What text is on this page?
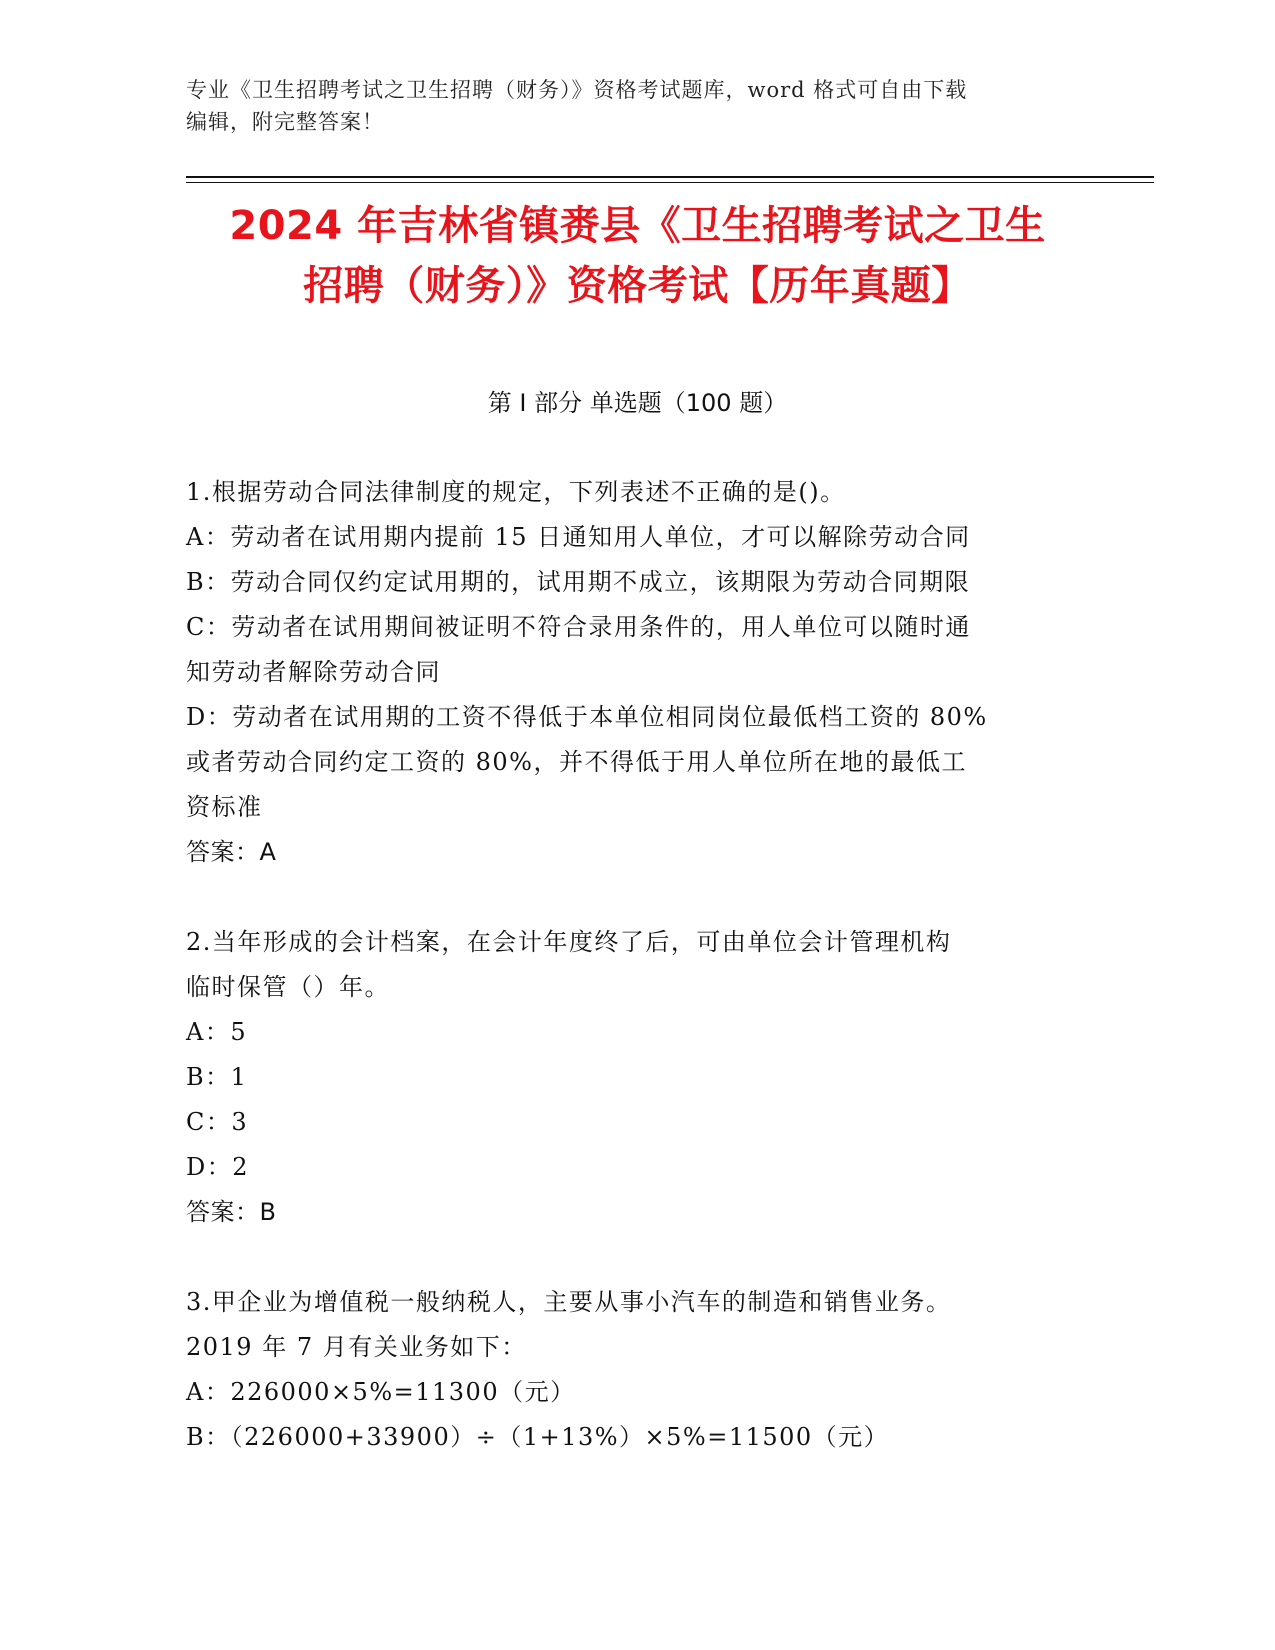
专业《卫生招聘考试之卫生招聘（财务）》资格考试题库，word 格式可自由下载
编辑，附完整答案！
2024 年吉林省镇赉县《卫生招聘考试之卫生
招聘（财务）》资格考试【历年真题】
第 I 部分 单选题（100 题）
1.根据劳动合同法律制度的规定，下列表述不正确的是()。
A：劳动者在试用期内提前 15 日通知用人单位，才可以解除劳动合同
B：劳动合同仅约定试用期的，试用期不成立，该期限为劳动合同期限
C：劳动者在试用期间被证明不符合录用条件的，用人单位可以随时通
知劳动者解除劳动合同
D：劳动者在试用期的工资不得低于本单位相同岗位最低档工资的 80%
或者劳动合同约定工资的 80%，并不得低于用人单位所在地的最低工
资标准
答案：A
2.当年形成的会计档案，在会计年度终了后，可由单位会计管理机构
临时保管（）年。
A：5
B：1
C：3
D：2
答案：B
3.甲企业为增值税一般纳税人，主要从事小汽车的制造和销售业务。
2019 年 7 月有关业务如下：
A：226000×5%=11300（元）
B：（226000+33900）÷（1+13%）×5%=11500（元）
